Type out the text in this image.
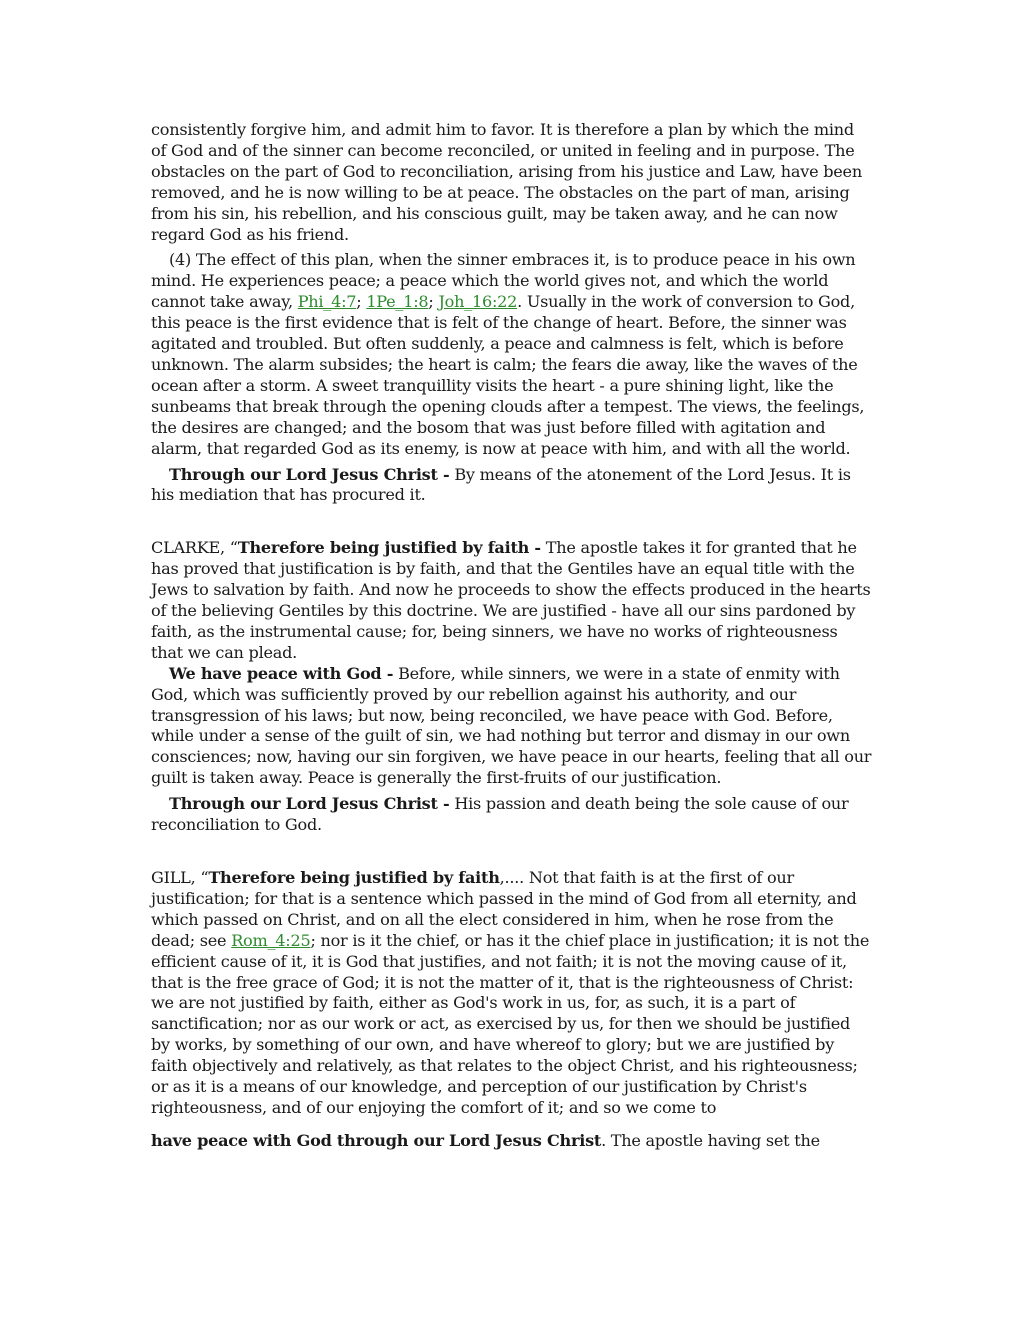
consistently forgive him, and admit him to favor. It is therefore a plan by which the mind of God and of the sinner can become reconciled, or united in feeling and in purpose. The obstacles on the part of God to reconciliation, arising from his justice and Law, have been removed, and he is now willing to be at peace. The obstacles on the part of man, arising from his sin, his rebellion, and his conscious guilt, may be taken away, and he can now regard God as his friend.

(4) The effect of this plan, when the sinner embraces it, is to produce peace in his own mind. He experiences peace; a peace which the world gives not, and which the world cannot take away, Phi_4:7; 1Pe_1:8; Joh_16:22. Usually in the work of conversion to God, this peace is the first evidence that is felt of the change of heart. Before, the sinner was agitated and troubled. But often suddenly, a peace and calmness is felt, which is before unknown. The alarm subsides; the heart is calm; the fears die away, like the waves of the ocean after a storm. A sweet tranquillity visits the heart - a pure shining light, like the sunbeams that break through the opening clouds after a tempest. The views, the feelings, the desires are changed; and the bosom that was just before filled with agitation and alarm, that regarded God as its enemy, is now at peace with him, and with all the world.

Through our Lord Jesus Christ - By means of the atonement of the Lord Jesus. It is his mediation that has procured it.

CLARKE, “Therefore being justified by faith - The apostle takes it for granted that he has proved that justification is by faith, and that the Gentiles have an equal title with the Jews to salvation by faith. And now he proceeds to show the effects produced in the hearts of the believing Gentiles by this doctrine. We are justified - have all our sins pardoned by faith, as the instrumental cause; for, being sinners, we have no works of righteousness that we can plead.

We have peace with God - Before, while sinners, we were in a state of enmity with God, which was sufficiently proved by our rebellion against his authority, and our transgression of his laws; but now, being reconciled, we have peace with God. Before, while under a sense of the guilt of sin, we had nothing but terror and dismay in our own consciences; now, having our sin forgiven, we have peace in our hearts, feeling that all our guilt is taken away. Peace is generally the first-fruits of our justification.

Through our Lord Jesus Christ - His passion and death being the sole cause of our reconciliation to God.

GILL, “Therefore being justified by faith,.... Not that faith is at the first of our justification; for that is a sentence which passed in the mind of God from all eternity, and which passed on Christ, and on all the elect considered in him, when he rose from the dead; see Rom_4:25; nor is it the chief, or has it the chief place in justification; it is not the efficient cause of it, it is God that justifies, and not faith; it is not the moving cause of it, that is the free grace of God; it is not the matter of it, that is the righteousness of Christ: we are not justified by faith, either as God's work in us, for, as such, it is a part of sanctification; nor as our work or act, as exercised by us, for then we should be justified by works, by something of our own, and have whereof to glory; but we are justified by faith objectively and relatively, as that relates to the object Christ, and his righteousness; or as it is a means of our knowledge, and perception of our justification by Christ's righteousness, and of our enjoying the comfort of it; and so we come to

have peace with God through our Lord Jesus Christ. The apostle having set the
